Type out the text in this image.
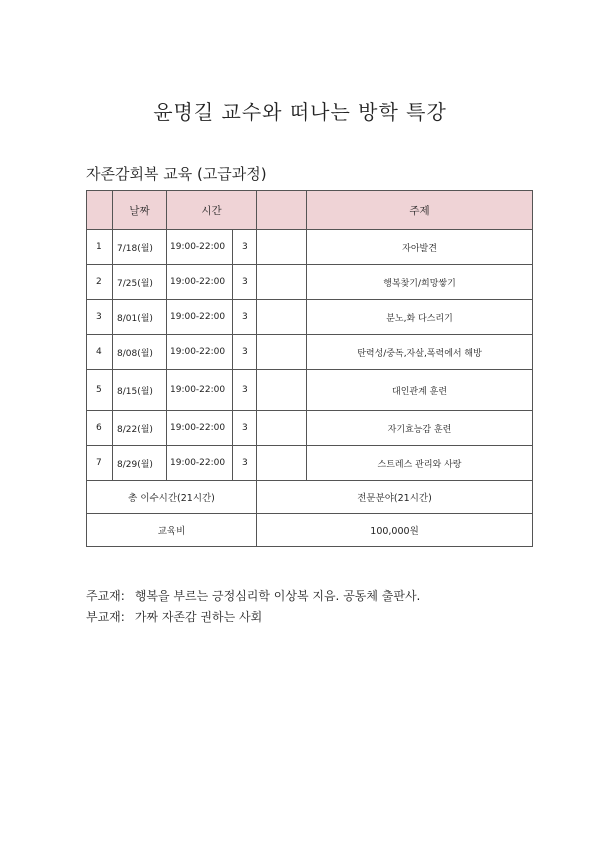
윤명길 교수와 떠나는 방학 특강
자존감회복 교육 (고급과정)
	날짜	시간			주제
1	7/18(월)	19:00-22:00	3		자아발견
2	7/25(월)	19:00-22:00	3		행복찾기/희망쌓기
3	8/01(월)	19:00-22:00	3		분노,화 다스리기
4	8/08(월)	19:00-22:00	3		탄력성/중독,자살,폭력에서 해방
5	8/15(월)	19:00-22:00	3		대인관계 훈련
6	8/22(월)	19:00-22:00	3		자기효능감 훈련
7	8/29(월)	19:00-22:00	3		스트레스 관리와 사랑
총 이수시간(21시간)				전문분야(21시간)	
교육비				100,000원	
주교재: 행복을 부르는 긍정심리학 이상복 지음. 공동체 출판사.
부교재: 가짜 자존감 권하는 사회
